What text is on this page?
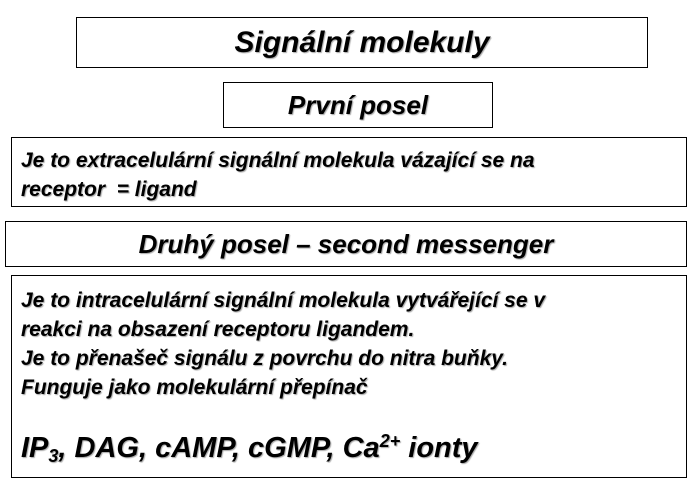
Signální molekuly
První posel
Je to extracelulární signální molekula vázající se na
receptor  = ligand
Druhý posel – second messenger
Je to intracelulární signální molekula vytvářející se v
reakci na obsazení receptoru ligandem.
Je to přenašeč signálu z povrchu do nitra buňky.
Funguje jako molekulární přepínač
$IP_3$, DAG, cAMP, cGMP, $Ca^{2+}$ ionty
